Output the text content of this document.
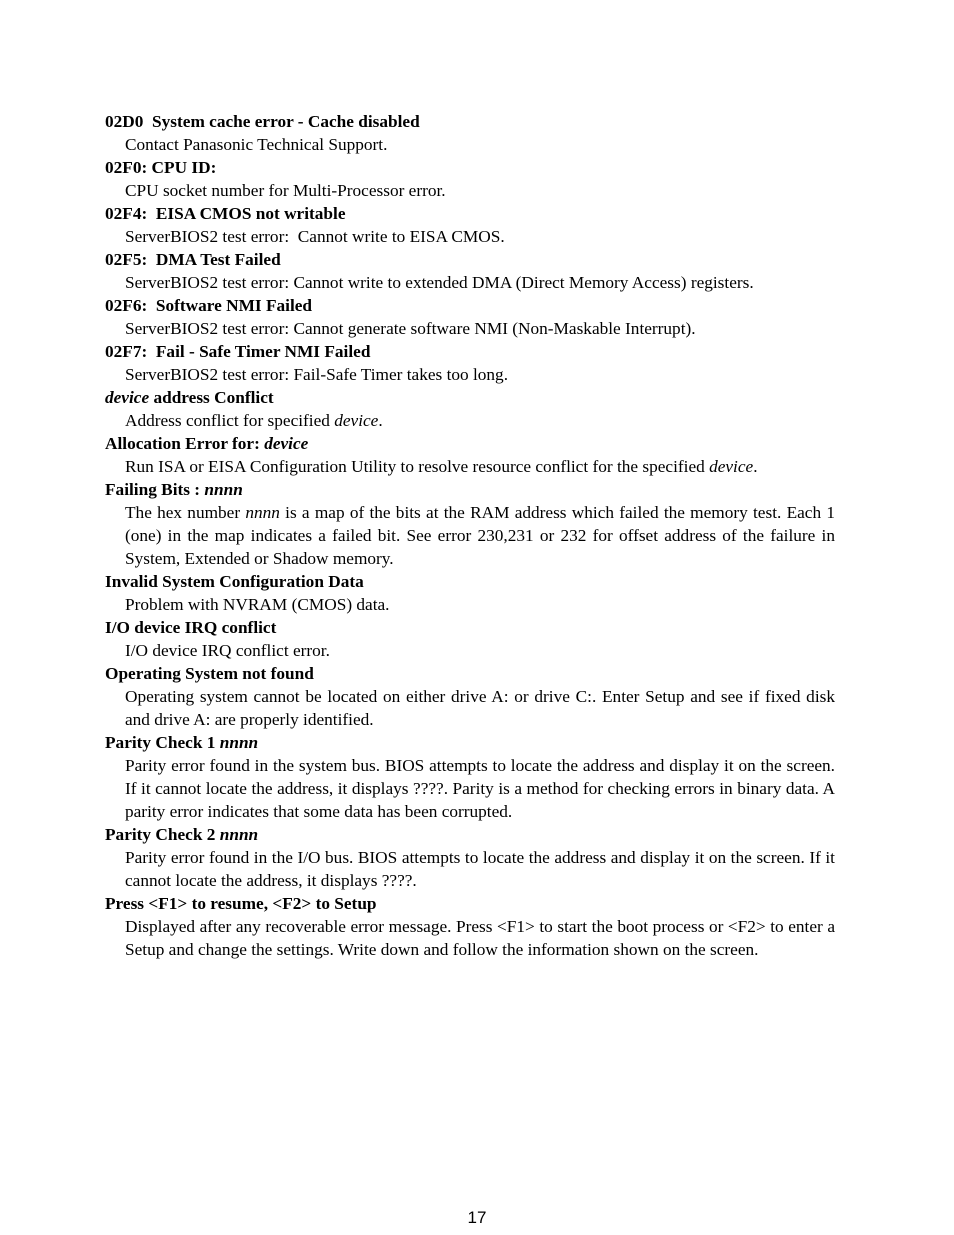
02D0  System cache error - Cache disabled
Contact Panasonic Technical Support.
02F0: CPU ID:
CPU socket number for Multi-Processor error.
02F4:  EISA CMOS not writable
ServerBIOS2 test error:  Cannot write to EISA CMOS.
02F5:  DMA Test Failed
ServerBIOS2 test error: Cannot write to extended DMA (Direct Memory Access) registers.
02F6:  Software NMI Failed
ServerBIOS2 test error: Cannot generate software NMI (Non-Maskable Interrupt).
02F7:  Fail - Safe Timer NMI Failed
ServerBIOS2 test error: Fail-Safe Timer takes too long.
device address Conflict
Address conflict for specified device.
Allocation Error for: device
Run ISA or EISA Configuration Utility to resolve resource conflict for the specified device.
Failing Bits : nnnn
The hex number nnnn is a map of the bits at the RAM address which failed the memory test. Each 1 (one) in the map indicates a failed bit. See error 230,231 or 232 for offset address of the failure in System, Extended or Shadow memory.
Invalid System Configuration Data
Problem with NVRAM (CMOS) data.
I/O device IRQ conflict
I/O device IRQ conflict error.
Operating System not found
Operating system cannot be located on either drive A: or drive C:. Enter Setup and see if fixed disk and drive A: are properly identified.
Parity Check 1 nnnn
Parity error found in the system bus. BIOS attempts to locate the address and display it on the screen. If it cannot locate the address, it displays ????. Parity is a method for checking errors in binary data. A parity error indicates that some data has been corrupted.
Parity Check 2 nnnn
Parity error found in the I/O bus. BIOS attempts to locate the address and display it on the screen. If it cannot locate the address, it displays ????.
Press <F1> to resume, <F2> to Setup
Displayed after any recoverable error message. Press <F1> to start the boot process or <F2> to enter a Setup and change the settings. Write down and follow the information shown on the screen.
17
